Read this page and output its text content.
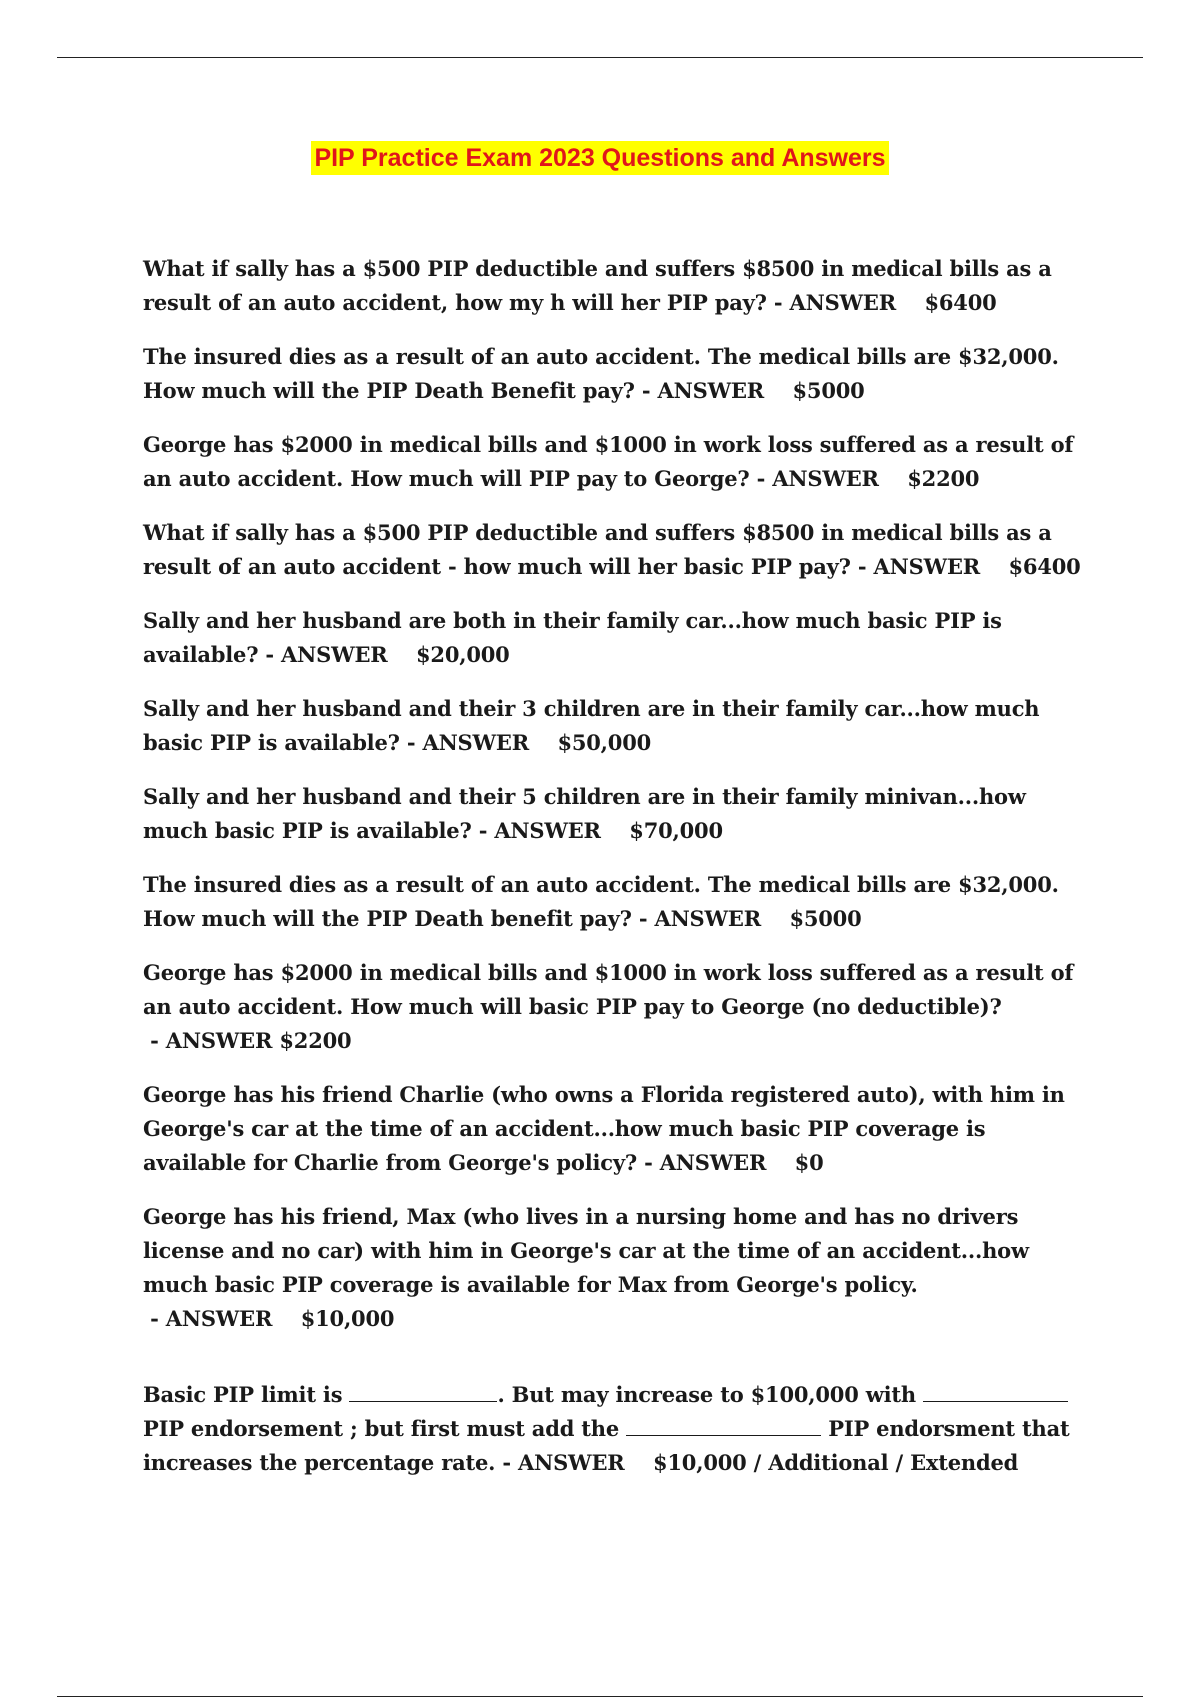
PIP Practice Exam 2023 Questions and Answers
What if sally has a $500 PIP deductible and suffers $8500 in medical bills as a result of an auto accident, how my h will her PIP pay? - ANSWER $6400
The insured dies as a result of an auto accident. The medical bills are $32,000. How much will the PIP Death Benefit pay? - ANSWER $5000
George has $2000 in medical bills and $1000 in work loss suffered as a result of an auto accident. How much will PIP pay to George? - ANSWER $2200
What if sally has a $500 PIP deductible and suffers $8500 in medical bills as a result of an auto accident - how much will her basic PIP pay? - ANSWER $6400
Sally and her husband are both in their family car...how much basic PIP is available? - ANSWER $20,000
Sally and her husband and their 3 children are in their family car...how much basic PIP is available? - ANSWER $50,000
Sally and her husband and their 5 children are in their family minivan...how much basic PIP is available? - ANSWER $70,000
The insured dies as a result of an auto accident. The medical bills are $32,000. How much will the PIP Death benefit pay? - ANSWER $5000
George has $2000 in medical bills and $1000 in work loss suffered as a result of an auto accident. How much will basic PIP pay to George (no deductible)? - ANSWER $2200
George has his friend Charlie (who owns a Florida registered auto), with him in George's car at the time of an accident...how much basic PIP coverage is available for Charlie from George's policy? - ANSWER $0
George has his friend, Max (who lives in a nursing home and has no drivers license and no car) with him in George's car at the time of an accident...how much basic PIP coverage is available for Max from George's policy. - ANSWER $10,000
Basic PIP limit is	. But may increase to $100,000 with  PIP endorsement ; but first must add the	PIP endorsment that increases the percentage rate. - ANSWER $10,000 / Additional / Extended
